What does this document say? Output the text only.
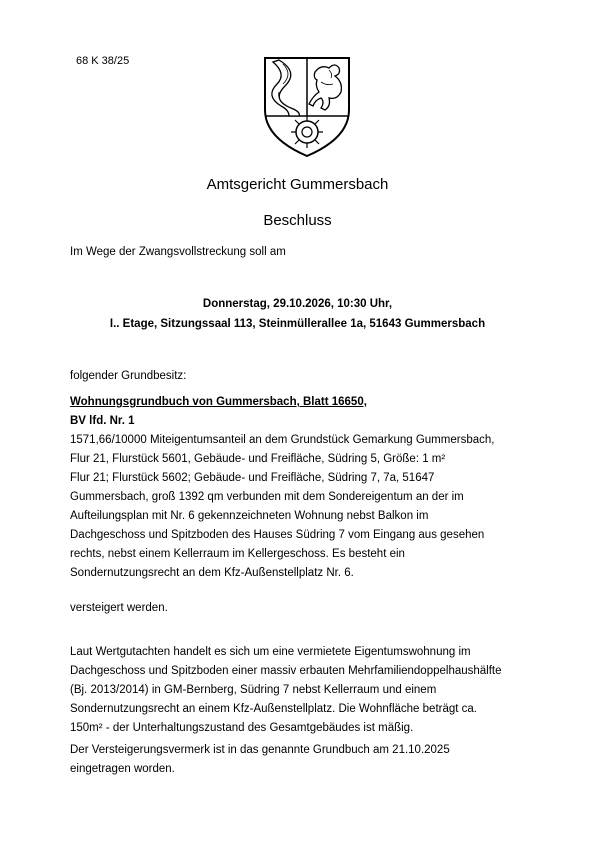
68 K 38/25
Amtsgericht Gummersbach
Beschluss
Im Wege der Zwangsvollstreckung soll am
Donnerstag, 29.10.2026, 10:30 Uhr,
I.. Etage, Sitzungssaal 113, Steinmüllerallee 1a, 51643 Gummersbach
folgender Grundbesitz:
Wohnungsgrundbuch von Gummersbach, Blatt 16650,
BV lfd. Nr. 1
1571,66/10000 Miteigentumsanteil an dem Grundstück Gemarkung Gummersbach,
Flur 21, Flurstück 5601, Gebäude- und Freifläche, Südring 5, Größe: 1 m²
Flur 21; Flurstück 5602; Gebäude- und Freifläche, Südring 7, 7a, 51647
Gummersbach, groß 1392 qm verbunden mit dem Sondereigentum an der im
Aufteilungsplan mit Nr. 6 gekennzeichneten Wohnung nebst Balkon im
Dachgeschoss und Spitzboden des Hauses Südring 7 vom Eingang aus gesehen
rechts, nebst einem Kellerraum im Kellergeschoss. Es besteht ein
Sondernutzungsrecht an dem Kfz-Außenstellplatz Nr. 6.
versteigert werden.
Laut Wertgutachten handelt es sich um eine vermietete Eigentumswohnung im
Dachgeschoss und Spitzboden einer massiv erbauten Mehrfamiliendoppelhaushälfte
(Bj. 2013/2014) in GM-Bernberg, Südring 7 nebst Kellerraum und einem
Sondernutzungsrecht an einem Kfz-Außenstellplatz. Die Wohnfläche beträgt ca.
150m² - der Unterhaltungszustand des Gesamtgebäudes ist mäßig.
Der Versteigerungsvermerk ist in das genannte Grundbuch am 21.10.2025
eingetragen worden.
